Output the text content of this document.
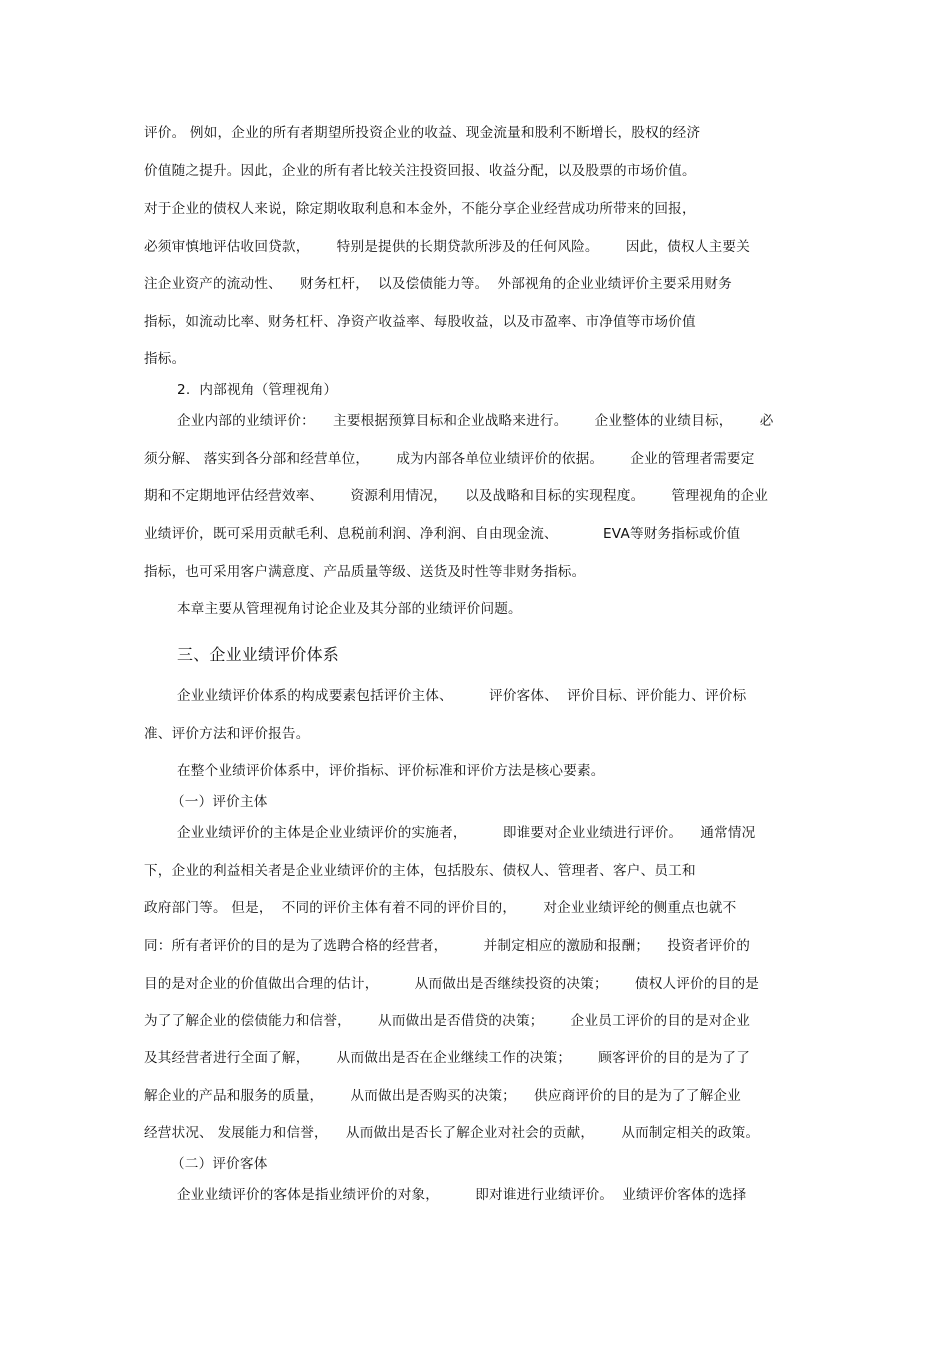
评价。 例如，企业的所有者期望所投资企业的收益、现金流量和股利不断增长，股权的经济
价值随之提升。因此，企业的所有者比较关注投资回报、收益分配，以及股票的市场价值。
对于企业的债权人来说，除定期收取利息和本金外，不能分享企业经营成功所带来的回报，
必须审慎地评估收回贷款，      特别是提供的长期贷款所涉及的任何风险。      因此，债权人主要关
注企业资产的流动性、    财务杠杆，  以及偿债能力等。  外部视角的企业业绩评价主要采用财务
指标，如流动比率、财务杠杆、净资产收益率、每股收益，以及市盈率、市净值等市场价值
指标。
2.  内部视角（管理视角）
企业内部的业绩评价：    主要根据预算目标和企业战略来进行。      企业整体的业绩目标，      必
须分解、 落实到各分部和经营单位，      成为内部各单位业绩评价的依据。      企业的管理者需要定
期和不定期地评估经营效率、      资源利用情况，    以及战略和目标的实现程度。      管理视角的企业
业绩评价，既可采用贡献毛利、息税前利润、净利润、自由现金流、          EVA等财务指标或价值
指标，也可采用客户满意度、产品质量等级、送货及时性等非财务指标。
本章主要从管理视角讨论企业及其分部的业绩评价问题。
三、企业业绩评价体系
企业业绩评价体系的构成要素包括评价主体、        评价客体、  评价目标、评价能力、评价标
准、评价方法和评价报告。
在整个业绩评价体系中，评价指标、评价标准和评价方法是核心要素。
（一）评价主体
企业业绩评价的主体是企业业绩评价的实施者，        即谁要对企业业绩进行评价。    通常情况
下，企业的利益相关者是企业业绩评价的主体，包括股东、债权人、管理者、客户、员工和
政府部门等。 但是，  不同的评价主体有着不同的评价目的，      对企业业绩评纶的侧重点也就不
同：所有者评价的目的是为了选聘合格的经营者，        并制定相应的激励和报酬；    投资者评价的
目的是对企业的价值做出合理的估计，        从而做出是否继续投资的决策；      债权人评价的目的是
为了了解企业的偿债能力和信誉，      从而做出是否借贷的决策；      企业员工评价的目的是对企业
及其经营者进行全面了解，      从而做出是否在企业继续工作的决策；      顾客评价的目的是为了了
解企业的产品和服务的质量，      从而做出是否购买的决策；    供应商评价的目的是为了了解企业
经营状况、 发展能力和信誉，    从而做出是否长了解企业对社会的贡献，      从而制定相关的政策。
（二）评价客体
企业业绩评价的客体是指业绩评价的对象，        即对谁进行业绩评价。  业绩评价客体的选择
